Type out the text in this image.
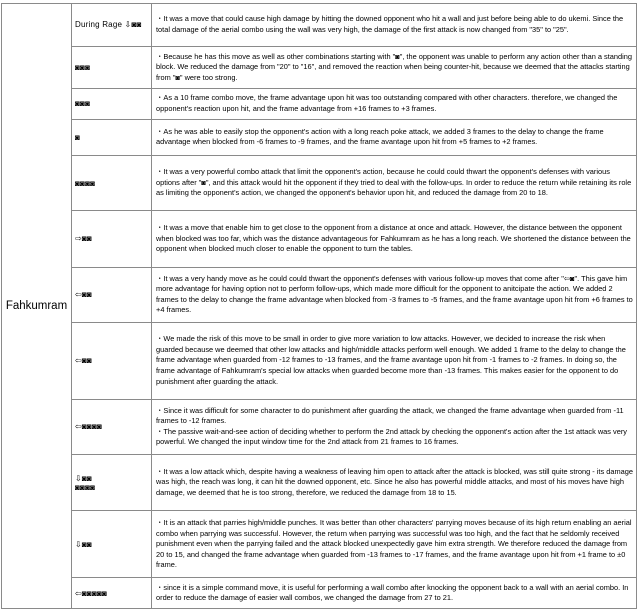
Fahkumram	During Rage ⇩◙◙	・It was a move that could cause high damage by hitting the downed opponent who hit a wall and just before being able to do ukemi. Since the total damage of the aerial combo using the wall was very high, the damage of the first attack is now changed from "35" to "25".
	◙◙◙	・Because he has this move as well as other combinations starting with "◙", the opponent was unable to perform any action other than a standing block. We reduced the damage from "20" to "16", and removed the reaction when being counter-hit, because we deemed that the attacks starting from "◙" were too strong.
	◙◙◙	・As a 10 frame combo move, the frame advantage upon hit was too outstanding compared with other characters. therefore, we changed the opponent's reaction upon hit, and the frame advantage from +16 frames to +3 frames.
	◙	・As he was able to easily stop the opponent's action with a long reach poke attack, we added 3 frames to the delay to change the frame advantage when blocked from -6 frames to -9 frames, and the frame avantage upon hit from +5 frames to +2 frames.
	◙◙◙◙	・It was a very powerful combo attack that limit the opponent's action, because he could could thwart the opponent's defenses with various options after "◙", and this attack would hit the opponent if they tried to deal with the follow-ups. In order to reduce the return while retaining its role as limiting the opponent's action, we changed the opponent's behavior upon hit, and reduced the damage from 20 to 18.
	⇨◙◙	・It was a move that enable him to get close to the opponent from a distance at once and attack. However, the distance between the opponent when blocked was too far, which was the distance advantageous for Fahkumram as he has a long reach. We shortened the distance between the opponent when blocked much closer to enable the opponent to turn the tables.
	⇦◙◙	・It was a very handy move as he could could thwart the opponent's defenses with various follow-up moves that come after "⇦◙". This gave him more advantage for having option not to perform follow-ups, which made more difficult for the opponent to anitcipate the action. We added 2 frames to the delay to change the frame advantage when blocked from -3 frames to -5 frames, and the frame avantage upon hit from +6 frames to +4 frames.
	⇦◙◙	・We made the risk of this move to be small in order to give more variation to low attacks. However, we decided to increase the risk when guarded because we deemed that other low attacks and high/middle attacks perform well enough. We added 1 frame to the delay to change the frame advantage when guarded from -12 frames to -13 frames, and the frame avantage upon hit from -1 frames to -2 frames. In doing so, the frame advantage of Fahkumram's special low attacks when guarded become more than -13 frames. This makes easier for the opponent to do punishment after guarding the attack.
	⇦◙◙◙◙	・Since it was difficult for some character to do punishment after guarding the attack, we changed the frame advantage when guarded from -11 frames to -12 frames.
・The passive wait-and-see action of deciding whether to perform the 2nd attack by checking the opponent's action after the 1st attack was very powerful. We changed the input window time for the 2nd attack from 21 frames to 16 frames.
	⇩◙◙
◙◙◙◙	・It was a low attack which, despite having a weakness of leaving him open to attack after the attack is blocked, was still quite strong - its damage was high, the reach was long, it can hit the downed opponent, etc. Since he also has powerful middle attacks, and most of his moves have high damage, we deemed that he is too strong, therefore, we reduced the damage from 18 to 15.
	⇩◙◙	・It is an attack that parries high/middle punches. It was better than other characters' parrying moves because of its high return enabling an aerial combo when parrying was successful. However, the return when parrying was successful was too high, and the fact that he seldomly received punishment even when the parrying failed and the attack blocked unexpectedly gave him extra strength. We therefore reduced the damage from 20 to 15, and changed the frame advantage when guarded from -13 frames to -17 frames, and the frame avantage upon hit from +1 frame to ±0 frame.
	⇦◙◙◙◙◙	・since it is a simple command move, it is useful for performing a wall combo after knocking the opponent back to a wall with an aerial combo. In order to reduce the damage of easier wall combos, we changed the damage from 27 to 21.
